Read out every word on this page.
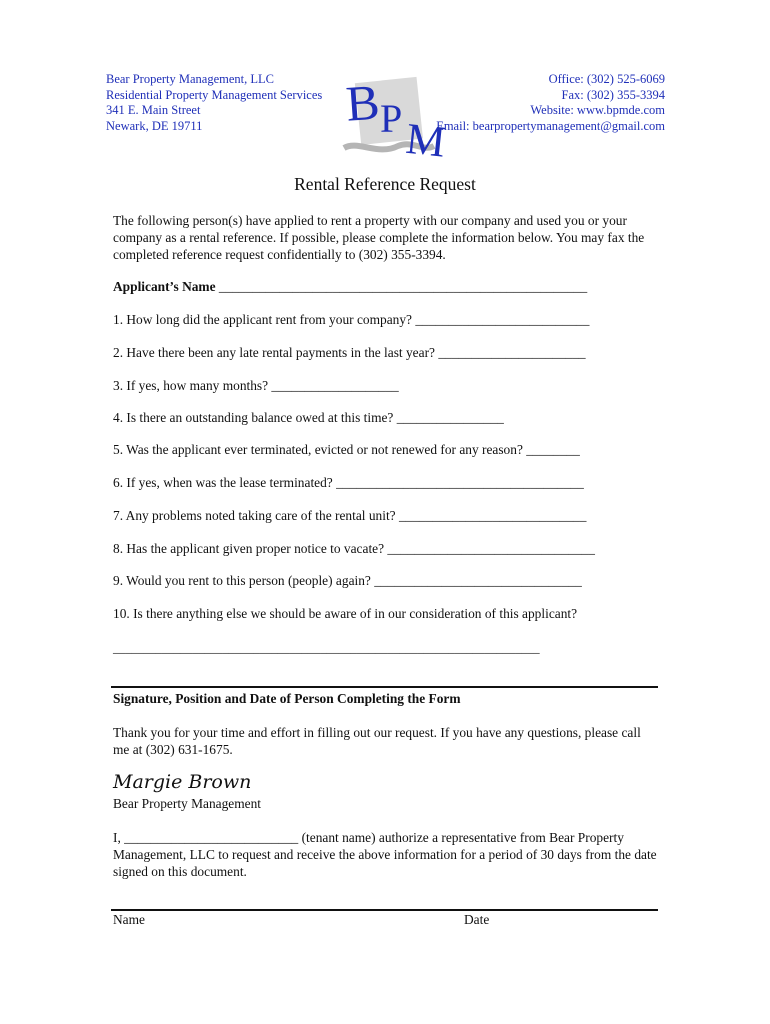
Bear Property Management, LLC
Residential Property Management Services
341 E. Main Street
Newark, DE 19711	B
P M
Office: (302) 525-6069
Fax: (302) 355-3394
Website: www.bpmde.com
Email: bearpropertymanagement@gmail.com
Rental Reference Request
The following person(s) have applied to rent a property with our company and used you or your company as a rental reference. If possible, please complete the information below. You may fax the completed reference request confidentially to (302) 355-3394.
Applicant’s Name _______________________________________________________
1. How long did the applicant rent from your company? __________________________
2. Have there been any late rental payments in the last year? ______________________
3. If yes, how many months? ___________________
4. Is there an outstanding balance owed at this time? ________________
5. Was the applicant ever terminated, evicted or not renewed for any reason? ________
6. If yes, when was the lease terminated? _____________________________________
7. Any problems noted taking care of the rental unit? ____________________________
8. Has the applicant given proper notice to vacate? _______________________________
9. Would you rent to this person (people) again? _______________________________
10. Is there anything else we should be aware of in our consideration of this applicant?
______________________________________________________________________
Signature, Position and Date of Person Completing the Form
Thank you for your time and effort in filling out our request. If you have any questions, please call me at (302) 631-1675.
Margie Brown
Bear Property Management
I, __________________________ (tenant name) authorize a representative from Bear Property Management, LLC to request and receive the above information for a period of 30 days from the date signed on this document.
Name	Date
